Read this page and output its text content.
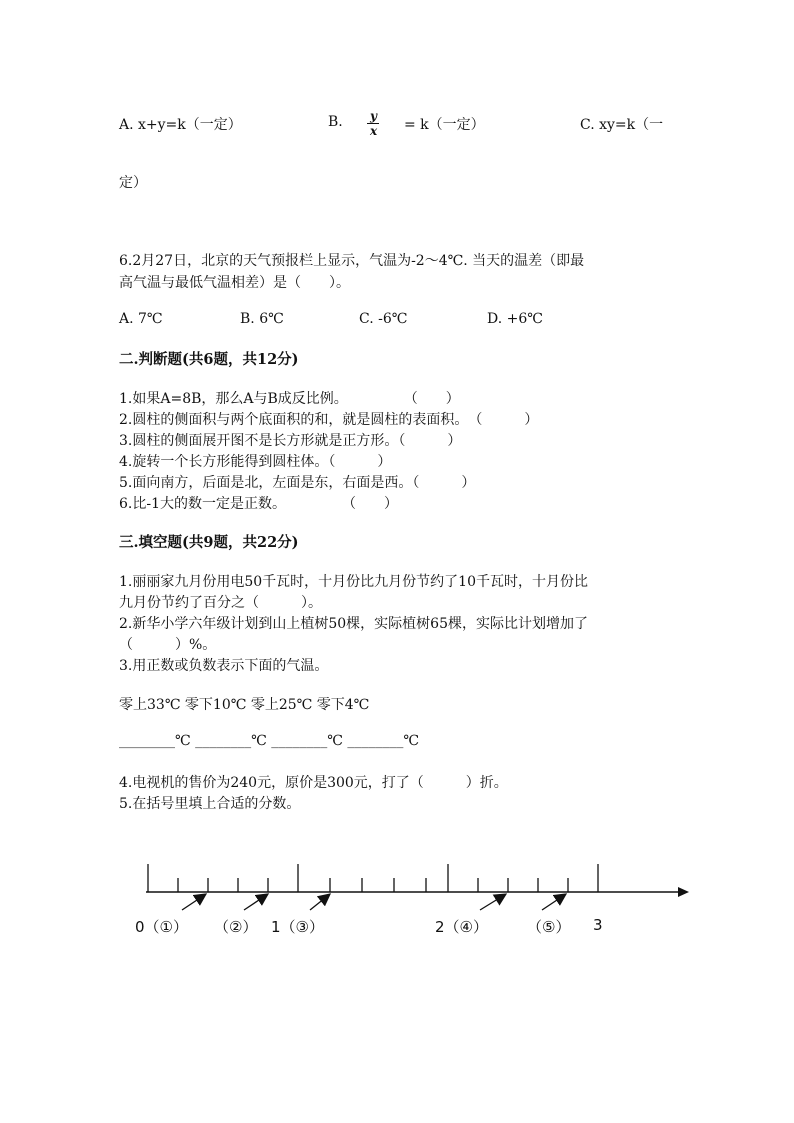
A. x+y=k（一定）	B. y
x = k（一定）	C. xy=k（一
定）
6.2月27日，北京的天气预报栏上显示，气温为-2～4℃. 当天的温差（即最
高气温与最低气温相差）是（　　）。
A. 7℃	B. 6℃	C. -6℃	D. +6℃
二.判断题(共6题，共12分)
1.如果A=8B，那么A与B成反比例。　　　　　（　　）
2.圆柱的侧面积与两个底面积的和，就是圆柱的表面积。　（　　　）
3.圆柱的侧面展开图不是长方形就是正方形。（　　　）
4.旋转一个长方形能得到圆柱体。（　　　）
5.面向南方，后面是北，左面是东，右面是西。（　　　）
6.比-1大的数一定是正数。　　　　　（　　）
三.填空题(共9题，共22分)
1.丽丽家九月份用电50千瓦时，十月份比九月份节约了10千瓦时，十月份比
九月份节约了百分之（　　　）。
2.新华小学六年级计划到山上植树50棵，实际植树65棵，实际比计划增加了
（　　　）%。
3.用正数或负数表示下面的气温。
零上33℃ 零下10℃ 零上25℃ 零下4℃
________℃ ________℃ ________℃ ________℃
4.电视机的售价为240元，原价是300元，打了（　　　）折。
5.在括号里填上合适的分数。
0（①） （②） 1（③）	2（④）	（⑤） 3
